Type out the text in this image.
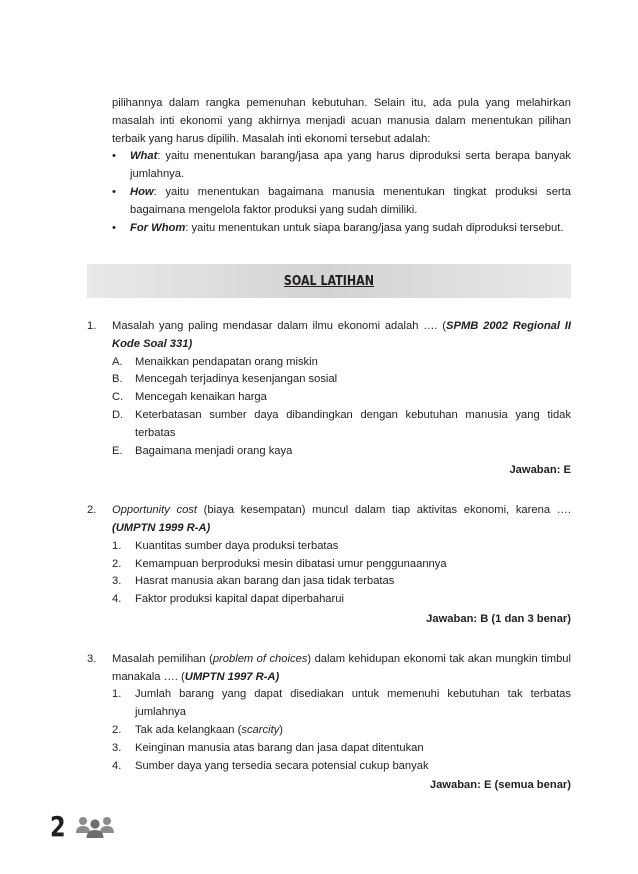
pilihannya dalam rangka pemenuhan kebutuhan. Selain itu, ada pula yang melahirkan masalah inti ekonomi yang akhirnya menjadi acuan manusia dalam menentukan pilihan terbaik yang harus dipilih. Masalah inti ekonomi tersebut adalah:

• What: yaitu menentukan barang/jasa apa yang harus diproduksi serta berapa banyak jumlahnya.
• How: yaitu menentukan bagaimana manusia menentukan tingkat produksi serta bagaimana mengelola faktor produksi yang sudah dimiliki.
• For Whom: yaitu menentukan untuk siapa barang/jasa yang sudah diproduksi tersebut.
SOAL LATIHAN
1. Masalah yang paling mendasar dalam ilmu ekonomi adalah …. (SPMB 2002 Regional II Kode Soal 331)

A. Menaikkan pendapatan orang miskin
B. Mencegah terjadinya kesenjangan sosial
C. Mencegah kenaikan harga
D. Keterbatasan sumber daya dibandingkan dengan kebutuhan manusia yang tidak terbatas
E. Bagaimana menjadi orang kaya
Jawaban: E
2. Opportunity cost (biaya kesempatan) muncul dalam tiap aktivitas ekonomi, karena …. (UMPTN 1999 R-A)

1. Kuantitas sumber daya produksi terbatas
2. Kemampuan berproduksi mesin dibatasi umur penggunaannya
3. Hasrat manusia akan barang dan jasa tidak terbatas
4. Faktor produksi kapital dapat diperbaharui
Jawaban: B (1 dan 3 benar)
3. Masalah pemilihan (problem of choices) dalam kehidupan ekonomi tak akan mungkin timbul manakala …. (UMPTN 1997 R-A)

1. Jumlah barang yang dapat disediakan untuk memenuhi kebutuhan tak terbatas jumlahnya
2. Tak ada kelangkaan (scarcity)
3. Keinginan manusia atas barang dan jasa dapat ditentukan
4. Sumber daya yang tersedia secara potensial cukup banyak
Jawaban: E (semua benar)
2
